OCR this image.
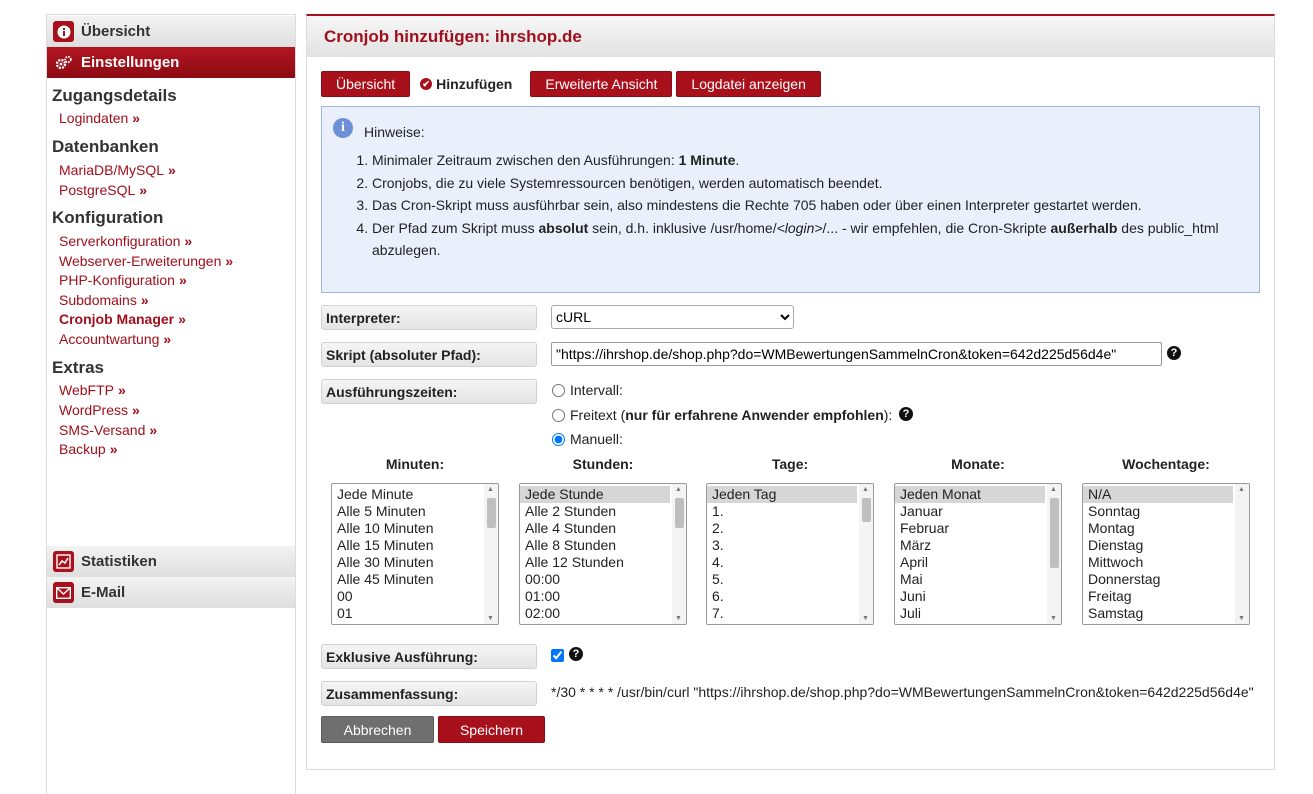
Übersicht
Einstellungen
Zugangsdetails
Logindaten »
Datenbanken
MariaDB/MySQL »
PostgreSQL »
Konfiguration
Serverkonfiguration »
Webserver-Erweiterungen »
PHP-Konfiguration »
Subdomains »
Cronjob Manager »
Accountwartung »
Extras
WebFTP »
WordPress »
SMS-Versand »
Backup »
Statistiken
E-Mail
Cronjob hinzufügen: ihrshop.de
Übersicht	✔ Hinzufügen	Erweiterte Ansicht	Logdatei anzeigen
i	Hinweise:
1. Minimaler Zeitraum zwischen den Ausführungen: 1 Minute.
2. Cronjobs, die zu viele Systemressourcen benötigen, werden automatisch beendet.
3. Das Cron-Skript muss ausführbar sein, also mindestens die Rechte 705 haben oder über einen Interpreter gestartet werden.
4. Der Pfad zum Skript muss absolut sein, d.h. inklusive /usr/home/<login>/... - wir empfehlen, die Cron-Skripte außerhalb des public_html abzulegen.
Interpreter:
cURL
Skript (absoluter Pfad):
"https://ihrshop.de/shop.php?do=WMBewertungenSammelnCron&token=642d225d56d4e"	?
Ausführungszeiten:	Intervall:
Freitext ( nur für erfahrene Anwender empfohlen ): ?
Manuell:
Minuten:	Stunden:	Tage:	Monate:	Wochentage:
Jede Minute
Alle 5 Minuten
Alle 10 Minuten
Alle 15 Minuten
Alle 30 Minuten
Alle 45 Minuten
00
01
▲
▼
Jede Stunde
Alle 2 Stunden
Alle 4 Stunden
Alle 8 Stunden
Alle 12 Stunden
00:00
01:00
02:00
▲
▼
Jeden Tag
1.
2.
3.
4.
5.
6.
7.
▲
▼
Jeden Monat
Januar
Februar
März
April
Mai
Juni
Juli
▲
▼
N/A
Sonntag
Montag
Dienstag
Mittwoch
Donnerstag
Freitag
Samstag
▲
▼
Exklusive Ausführung:	?
Zusammenfassung:	*/30 * * * * /usr/bin/curl "https://ihrshop.de/shop.php?do=WMBewertungenSammelnCron&token=642d225d56d4e"
Abbrechen	Speichern
